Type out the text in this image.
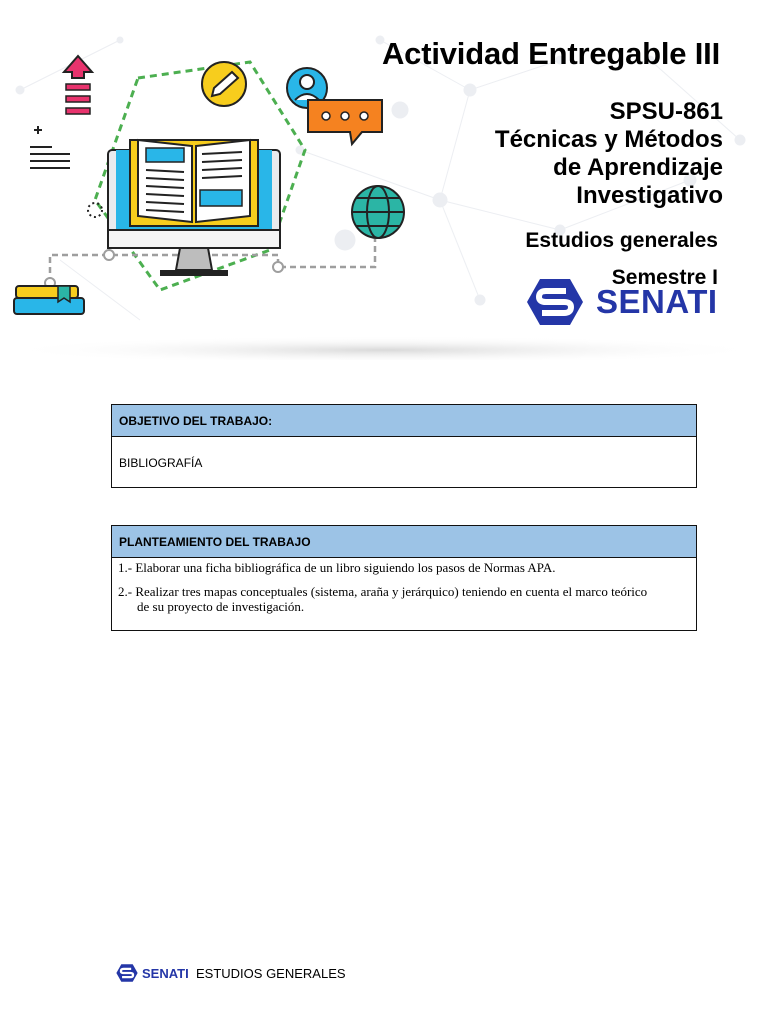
Actividad Entregable III
SPSU-861
Técnicas y Métodos
de Aprendizaje
Investigativo
Estudios generales
Semestre I
SENATI
OBJETIVO DEL TRABAJO:
BIBLIOGRAFÍA
PLANTEAMIENTO DEL TRABAJO
1.- Elaborar una ficha bibliográfica de un libro siguiendo los pasos de Normas APA.
2.- Realizar tres mapas conceptuales (sistema, araña y jerárquico) teniendo en cuenta el marco teórico
de su proyecto de investigación.
SENATI ESTUDIOS GENERALES
